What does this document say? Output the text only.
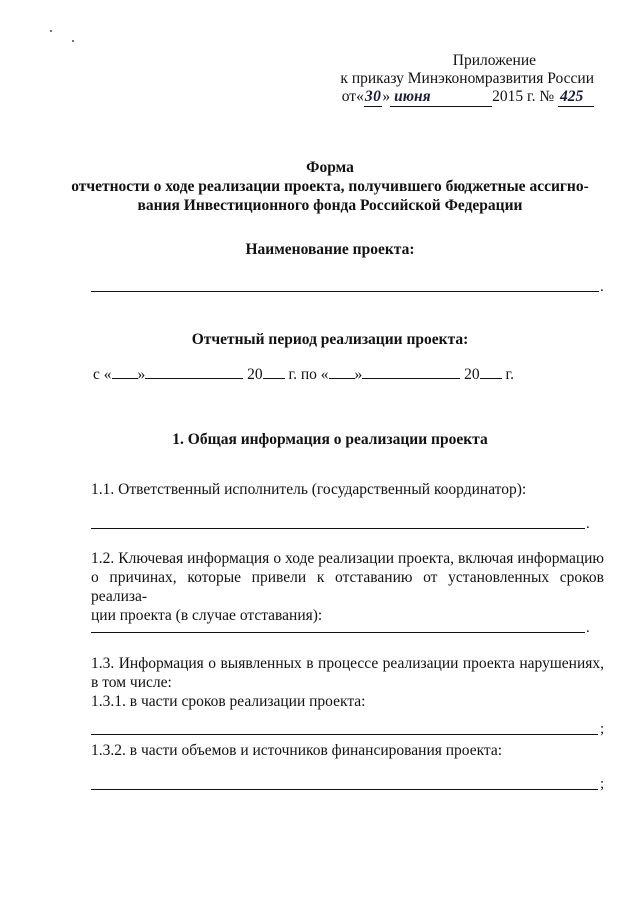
Приложение
к приказу Минэкономразвития России
от«30» июня	2015 г. № 425
Форма
отчетности о ходе реализации проекта, получившего бюджетные ассигно-
вания Инвестиционного фонда Российской Федерации
Наименование проекта:
.
Отчетный период реализации проекта:
с « »	20 г. по « »	20 г.
1. Общая информация о реализации проекта
1.1. Ответственный исполнитель (государственный координатор):
.
1.2. Ключевая информация о ходе реализации проекта, включая информацию
о причинах, которые привели к отставанию от установленных сроков реализа-
ции проекта (в случае отставания):
.
1.3. Информация о выявленных в процессе реализации проекта нарушениях,
в том числе:
1.3.1. в части сроков реализации проекта:
;
1.3.2. в части объемов и источников финансирования проекта:
;
